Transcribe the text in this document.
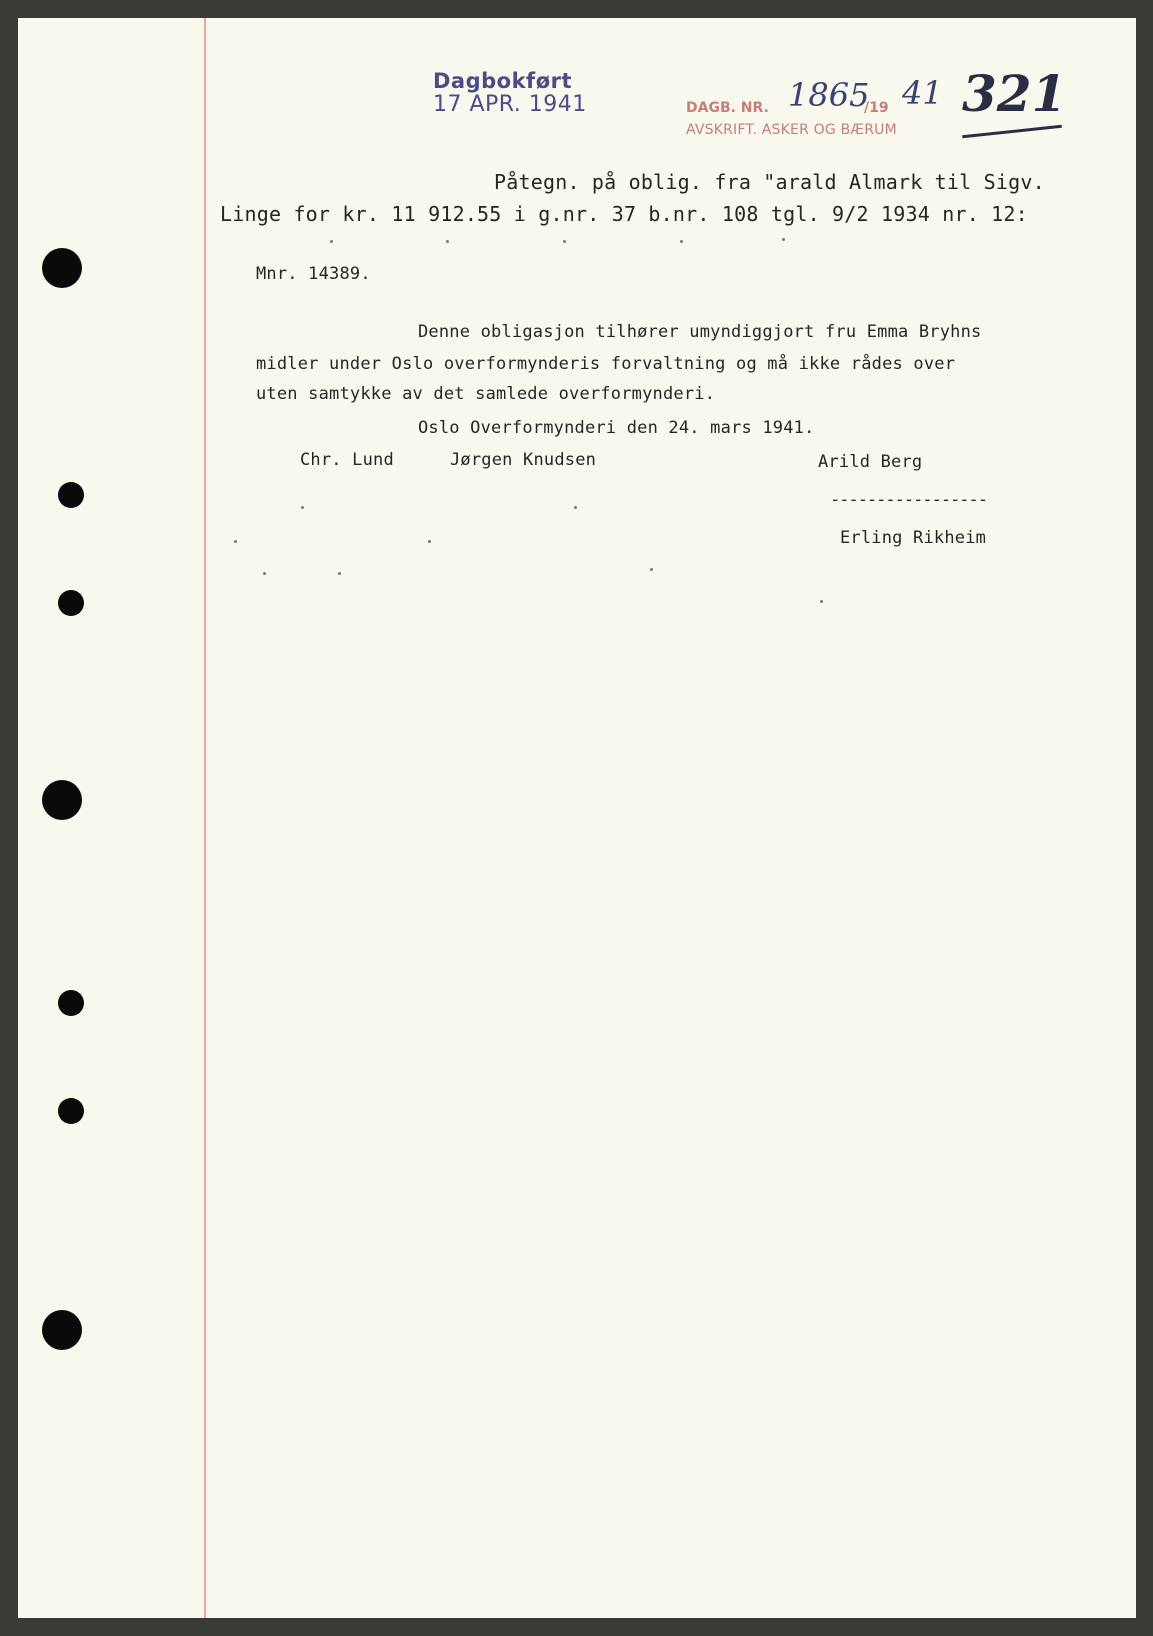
Dagbokført
17 APR. 1941	DAGB. NR. 1865
/19 41
AVSKRIFT. ASKER OG BÆRUM
321
Påtegn. på oblig. fra "arald Almark til Sigv.
Linge for kr. 11 912.55 i g.nr. 37 b.nr. 108 tgl. 9/2 1934 nr. 12:
Mnr. 14389.
Denne obligasjon tilhører umyndiggjort fru Emma Bryhns
midler under Oslo overformynderis forvaltning og må ikke rådes over
uten samtykke av det samlede overformynderi.
Oslo Overformynderi den 24. mars 1941.
Chr. Lund	Jørgen Knudsen	Arild Berg
-----------------
Erling Rikheim
